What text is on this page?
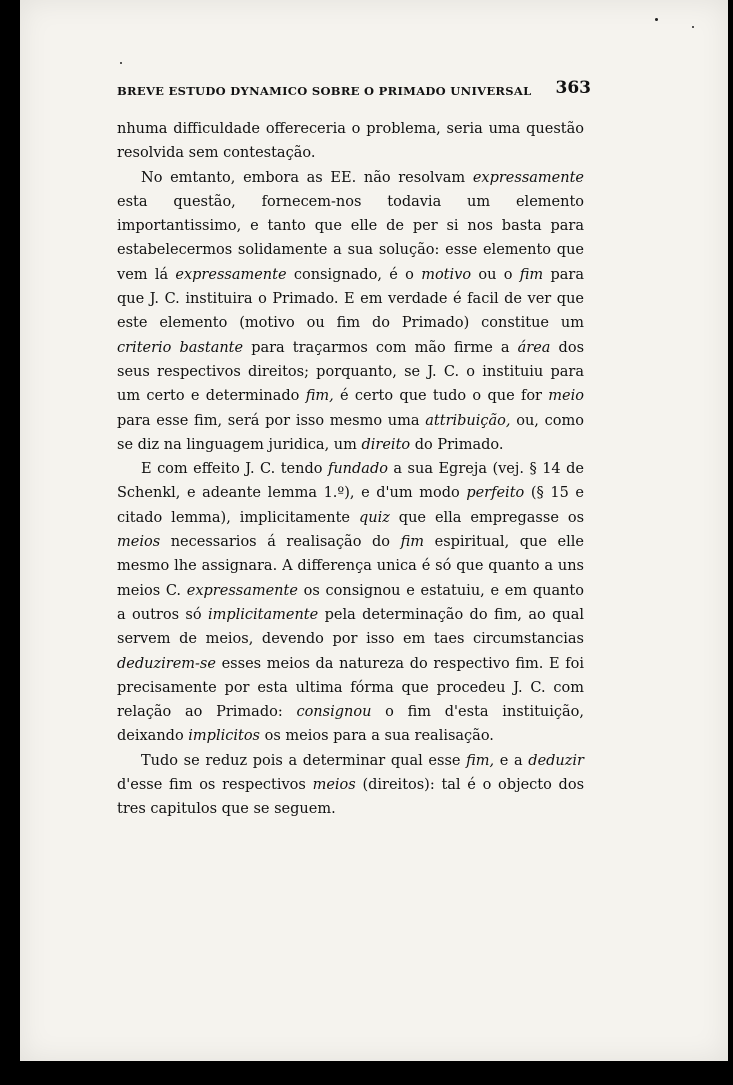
BREVE ESTUDO DYNAMICO SOBRE O PRIMADO UNIVERSAL 363

nhuma difficuldade offereceria o problema, seria uma questão resolvida sem contestação.

No emtanto, embora as EE. não resolvam expressamente esta questão, fornecem-nos todavia um elemento importantissimo, e tanto que elle de per si nos basta para estabelecermos solidamente a sua solução: esse elemento que vem lá expressamente consignado, é o motivo ou o fim para que J. C. instituira o Primado. E em verdade é facil de ver que este elemento (motivo ou fim do Primado) constitue um criterio bastante para traçarmos com mão firme a área dos seus respectivos direitos; porquanto, se J. C. o instituiu para um certo e determinado fim, é certo que tudo o que for meio para esse fim, será por isso mesmo uma attribuição, ou, como se diz na linguagem juridica, um direito do Primado.

E com effeito J. C. tendo fundado a sua Egreja (vej. § 14 de Schenkl, e adeante lemma 1.º), e d'um modo perfeito (§ 15 e citado lemma), implicitamente quiz que ella empregasse os meios necessarios á realisação do fim espiritual, que elle mesmo lhe assignara. A differença unica é só que quanto a uns meios C. expressamente os consignou e estatuiu, e em quanto a outros só implicitamente pela determinação do fim, ao qual servem de meios, devendo por isso em taes circumstancias deduzirem-se esses meios da natureza do respectivo fim. E foi precisamente por esta ultima fórma que procedeu J. C. com relação ao Primado: consignou o fim d'esta instituição, deixando implicitos os meios para a sua realisação.

Tudo se reduz pois a determinar qual esse fim, e a deduzir d'esse fim os respectivos meios (direitos): tal é o objecto dos tres capitulos que se seguem.
